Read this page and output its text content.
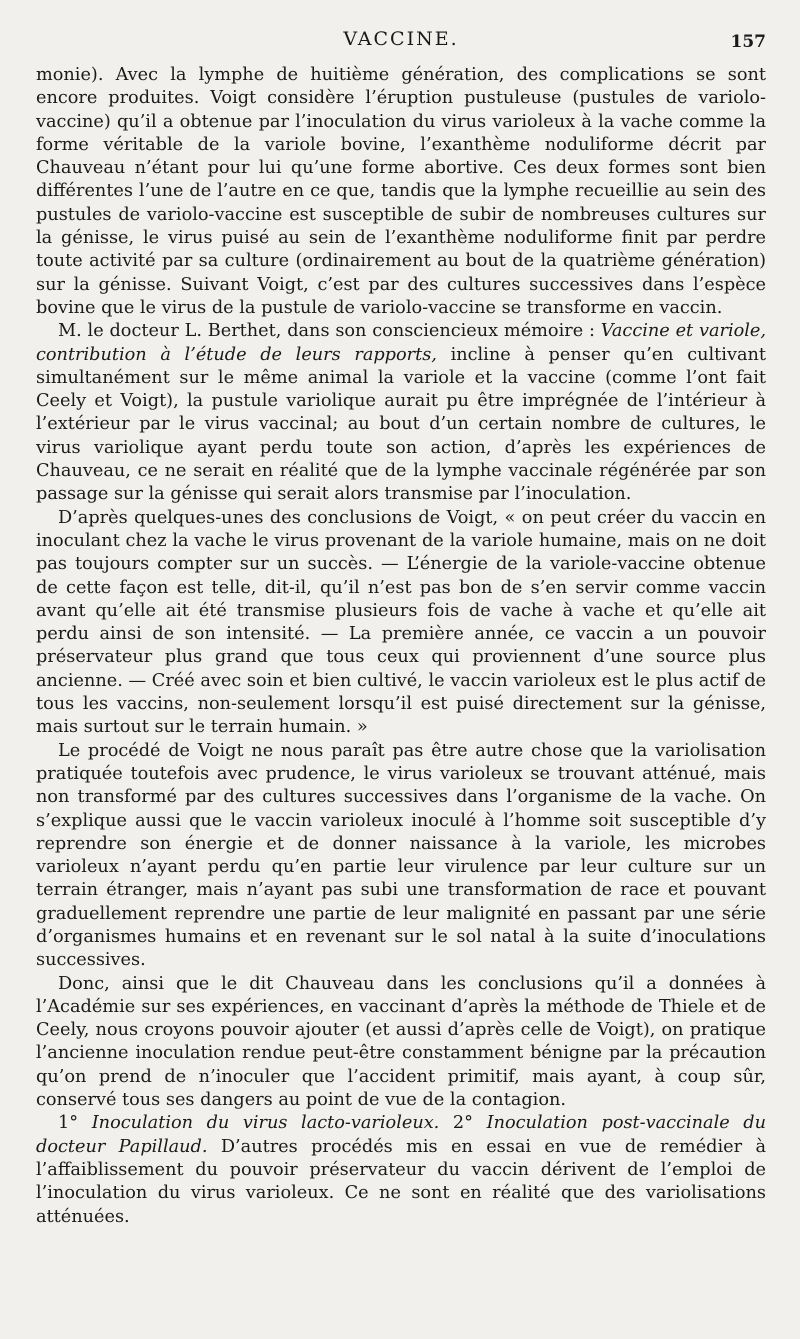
VACCINE.	157

monie). Avec la lymphe de huitième génération, des complications se sont encore produites. Voigt considère l’éruption pustuleuse (pustules de variolo-vaccine) qu’il a obtenue par l’inoculation du virus varioleux à la vache comme la forme véritable de la variole bovine, l’exanthème noduliforme décrit par Chauveau n’étant pour lui qu’une forme abortive. Ces deux formes sont bien différentes l’une de l’autre en ce que, tandis que la lymphe recueillie au sein des pustules de variolo-vaccine est susceptible de subir de nombreuses cultures sur la génisse, le virus puisé au sein de l’exanthème noduliforme finit par perdre toute activité par sa culture (ordinairement au bout de la quatrième génération) sur la génisse. Suivant Voigt, c’est par des cultures successives dans l’espèce bovine que le virus de la pustule de variolo-vaccine se transforme en vaccin.

M. le docteur L. Berthet, dans son consciencieux mémoire : Vaccine et variole, contribution à l’étude de leurs rapports, incline à penser qu’en cultivant simultanément sur le même animal la variole et la vaccine (comme l’ont fait Ceely et Voigt), la pustule variolique aurait pu être imprégnée de l’intérieur à l’extérieur par le virus vaccinal; au bout d’un certain nombre de cultures, le virus variolique ayant perdu toute son action, d’après les expériences de Chauveau, ce ne serait en réalité que de la lymphe vaccinale régénérée par son passage sur la génisse qui serait alors transmise par l’inoculation.

D’après quelques-unes des conclusions de Voigt, « on peut créer du vaccin en inoculant chez la vache le virus provenant de la variole humaine, mais on ne doit pas toujours compter sur un succès. — L’énergie de la variole-vaccine obtenue de cette façon est telle, dit-il, qu’il n’est pas bon de s’en servir comme vaccin avant qu’elle ait été transmise plusieurs fois de vache à vache et qu’elle ait perdu ainsi de son intensité. — La première année, ce vaccin a un pouvoir préservateur plus grand que tous ceux qui proviennent d’une source plus ancienne. — Créé avec soin et bien cultivé, le vaccin varioleux est le plus actif de tous les vaccins, non-seulement lorsqu’il est puisé directement sur la génisse, mais surtout sur le terrain humain. »

Le procédé de Voigt ne nous paraît pas être autre chose que la variolisation pratiquée toutefois avec prudence, le virus varioleux se trouvant atténué, mais non transformé par des cultures successives dans l’organisme de la vache. On s’explique aussi que le vaccin varioleux inoculé à l’homme soit susceptible d’y reprendre son énergie et de donner naissance à la variole, les microbes varioleux n’ayant perdu qu’en partie leur virulence par leur culture sur un terrain étranger, mais n’ayant pas subi une transformation de race et pouvant graduellement reprendre une partie de leur malignité en passant par une série d’organismes humains et en revenant sur le sol natal à la suite d’inoculations successives.

Donc, ainsi que le dit Chauveau dans les conclusions qu’il a données à l’Académie sur ses expériences, en vaccinant d’après la méthode de Thiele et de Ceely, nous croyons pouvoir ajouter (et aussi d’après celle de Voigt), on pratique l’ancienne inoculation rendue peut-être constamment bénigne par la précaution qu’on prend de n’inoculer que l’accident primitif, mais ayant, à coup sûr, conservé tous ses dangers au point de vue de la contagion.

1° Inoculation du virus lacto-varioleux. 2° Inoculation post-vaccinale du docteur Papillaud. D’autres procédés mis en essai en vue de remédier à l’affaiblissement du pouvoir préservateur du vaccin dérivent de l’emploi de l’inoculation du virus varioleux. Ce ne sont en réalité que des variolisations atténuées.
